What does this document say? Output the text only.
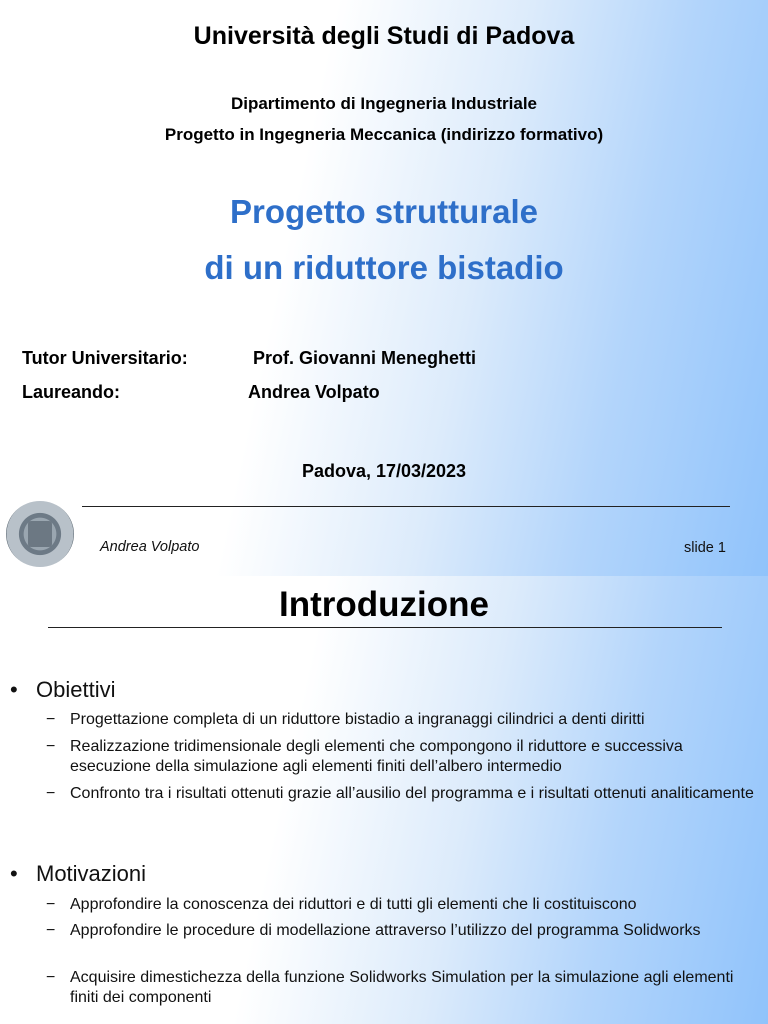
Università degli Studi di Padova
Dipartimento di Ingegneria Industriale
Progetto in Ingegneria Meccanica (indirizzo formativo)
Progetto strutturale
di un riduttore bistadio
Tutor Universitario:	Prof. Giovanni Meneghetti
Laureando:	Andrea Volpato
Padova, 17/03/2023
Andrea Volpato	slide 1
Introduzione
• Obiettivi
− Progettazione completa di un riduttore bistadio a ingranaggi cilindrici a denti diritti
− Realizzazione tridimensionale degli elementi che compongono il riduttore e successiva esecuzione della simulazione agli elementi finiti dell’albero intermedio
− Confronto tra i risultati ottenuti grazie all’ausilio del programma e i risultati ottenuti analiticamente
• Motivazioni
− Approfondire la conoscenza dei riduttori e di tutti gli elementi che li costituiscono
− Approfondire le procedure di modellazione attraverso l’utilizzo del programma Solidworks
− Acquisire dimestichezza della funzione Solidworks Simulation per la simulazione agli elementi finiti dei componenti
